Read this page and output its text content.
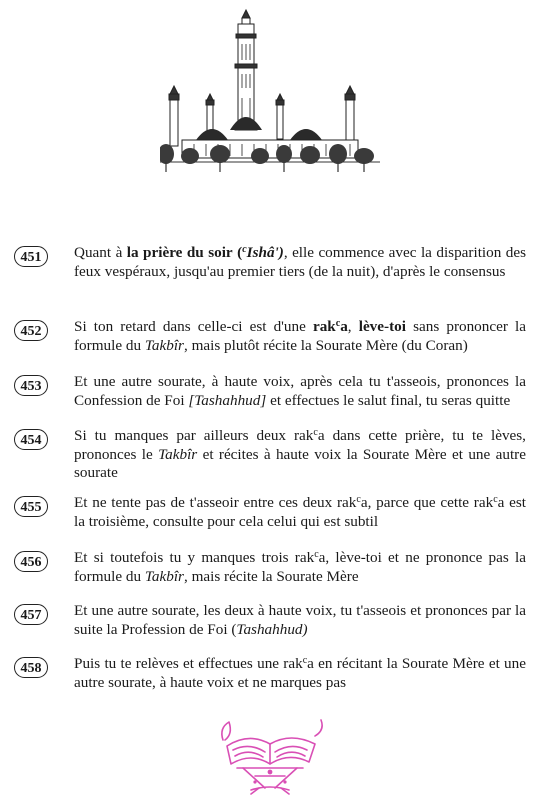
451	Quant à la prière du soir ($^c$Ishâ'), elle commence avec la disparition des feux vespéraux, jusqu'au premier tiers (de la nuit), d'après le consensus
452	Si ton retard dans celle-ci est d'une rak$^c$a, lève-toi sans prononcer la formule du Takbîr, mais plutôt récite la Sourate Mère (du Coran)
453	Et une autre sourate, à haute voix, après cela tu t'asseois, prononces la Confession de Foi [Tashahhud] et effectues le salut final, tu seras quitte
454	Si tu manques par ailleurs deux rak$^c$a dans cette prière, tu te lèves, prononces le Takbîr et récites à haute voix la Sourate Mère et une autre sourate
455	Et ne tente pas de t'asseoir entre ces deux rak$^c$a, parce que cette rak$^c$a est la troisième, consulte pour cela celui qui est subtil
456	Et si toutefois tu y manques trois rak$^c$a, lève-toi et ne prononce pas la formule du Takbîr, mais récite la Sourate Mère
457	Et une autre sourate, les deux à haute voix, tu t'asseois et prononces par la suite la Profession de Foi (Tashahhud)
458	Puis tu te relèves et effectues une rak$^c$a en récitant la Sourate Mère et une autre sourate, à haute voix et ne marques pas
